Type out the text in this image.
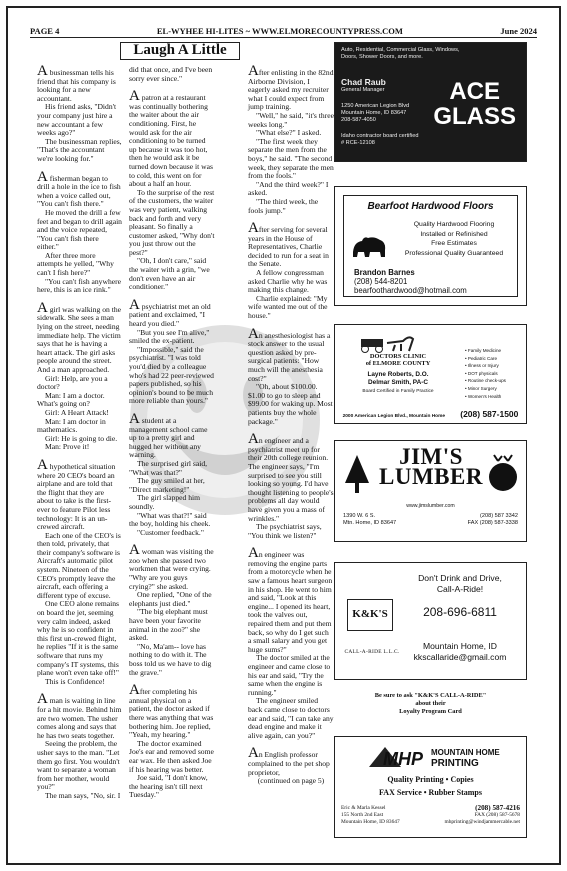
PAGE 4	EL-WYHEE HI-LITES ~ WWW.ELMORECOUNTYPRESS.COM	June 2024
Laugh A Little

A businessman tells his friend that his company is looking for a new accountant.

His friend asks, "Didn't your company just hire a new accountant a few weeks ago?"

The businessman replies, "That's the accountant we're looking for."

A fisherman began to drill a hole in the ice to fish when a voice called out, "You can't fish there."

He moved the drill a few feet and began to drill again and the voice repeated, "You can't fish there either."

After three more attempts he yelled, "Why can't I fish here?"

"You can't fish anywhere here, this is an ice rink."

A girl was walking on the sidewalk. She sees a man lying on the street, needing immediate help. The victim says that he is having a heart attack. The girl asks people around the street. And a man approached.

Girl: Help, are you a doctor?

Man: I am a doctor. What's going on?

Girl: A Heart Attack!

Man: I am doctor in mathematics.

Girl: He is going to die.

Man: Prove it!

A hypothetical situation where 20 CEO's board an airplane and are told that the flight that they are about to take is the first-ever to feature Pilot less technology: It is an un-crewed aircraft.

Each one of the CEO's is then told, privately, that their company's software is Aircraft's automatic pilot system. Nineteen of the CEO's promptly leave the aircraft, each offering a different type of excuse.

One CEO alone remains on board the jet, seeming very calm indeed, asked why he is so confident in this first un-crewed flight, he replies "If it is the same software that runs my company's IT systems, this plane won't even take off!"

This is Confidence!

A man is waiting in line for a hit movie. Behind him are two women. The usher comes along and says that he has two seats together.

Seeing the problem, the usher says to the man. "Let them go first. You wouldn't want to separate a woman from her mother, would you?"

The man says, "No, sir. I

did that once, and I've been sorry ever since."

A patron at a restaurant was continually bothering the waiter about the air conditioning. First, he would ask for the air conditioning to be turned up because it was too hot, then he would ask it be turned down because it was to cold, this went on for about a half an hour.

To the surprise of the rest of the customers, the waiter was very patient, walking back and forth and very pleasant. So finally a customer asked, "Why don't you just throw out the pest?"

"Oh, I don't care," said the waiter with a grin, "we don't even have an air conditioner."

A psychiatrist met an old patient and exclaimed, "I heard you died."

"But you see I'm alive," smiled the ex-patient.

"Impossible," said the psychiatrist. "I was told you'd died by a colleague who's had 22 peer-reviewed papers published, so his opinion's bound to be much more reliable than yours."

A student at a management school came up to a pretty girl and hugged her without any warning.

The surprised girl said, "What was that?"

The guy smiled at her, "Direct marketing!"

The girl slapped him soundly.

"What was that?!" said the boy, holding his cheek.

"Customer feedback."

A woman was visiting the zoo when she passed two workmen that were crying. "Why are you guys crying?" she asked.

One replied, "One of the elephants just died."

"The big elephant must have been your favorite animal in the zoo?" she asked.

"No, Ma'am-- love has nothing to do with it. The boss told us we have to dig the grave."

After completing his annual physical on a patient, the doctor asked if there was anything that was bothering him. Joe replied, "Yeah, my hearing."

The doctor examined Joe's ear and removed some ear wax. He then asked Joe if his hearing was better.

Joe said, "I don't know, the hearing isn't till next Tuesday."

After enlisting in the 82nd Airborne Division, I eagerly asked my recruiter what I could expect from jump training.

"Well," he said, "it's three weeks long."

"What else?" I asked.

"The first week they separate the men from the boys," he said. "The second week, they separate the men from the fools."

"And the third week?" I asked.

"The third week, the fools jump."

After serving for several years in the House of Representatives, Charlie decided to run for a seat in the Senate.

A fellow congressman asked Charlie why he was making this change.

Charlie explained: "My wife wanted me out of the house."

An anesthesiologist has a stock answer to the usual question asked by pre-surgical patients: "How much will the anesthesia cost?"

"Oh, about $100.00. $1.00 to go to sleep and $99.00 for waking up. Most patients buy the whole package."

An engineer and a psychiatrist meet up for their 20th college reunion. The engineer says, "I'm surprised to see you still looking so young. I'd have thought listening to people's problems all day would have given you a mass of wrinkles."

The psychiatrist says, "You think we listen?"

An engineer was removing the engine parts from a motorcycle when he saw a famous heart surgeon in his shop. He went to him and said, "Look at this engine... I opened its heart, took the valves out, repaired them and put them back, so why do I get such a small salary and you get huge sums?"

The doctor smiled at the engineer and came close to his ear and said, "Try the same when the engine is running."

The engineer smiled back came close to doctors ear and said, "I can take any dead engine and make it alive again, can you?"

An English professor complained to the pet shop proprietor,

(continued on page 5)

Auto, Residential, Commercial Glass, Windows, Doors, Shower Doors, and more.
Chad Raub
General Manager
1250 American Legion Blvd
Mountain Home, ID 83647
208-587-4050
Idaho contractor board certified
# RCE-12108
ACE
GLASS
Bearfoot Hardwood Floors
Quality Hardwood Flooring
Installed or Refinished
Free Estimates
Professional Quality Guaranteed
Brandon Barnes
(208) 544-8201
bearfoothardwood@hotmail.com
DOCTORS CLINIC
of ELMORE COUNTY
Layne Roberts, D.O.
Delmar Smith, PA-C
Board Certified in Family Practice
• Family Medicine
• Pediatric Care
• Illness or Injury
• DOT physicals
• Routine check-ups
• Minor Surgery
• Women's Health
2000 American Legion Blvd., Mountain Home (208) 587-1500
JIM'S
LUMBER
www.jimslumber.com
1390 W. 6 S.
Mtn. Home, ID 83647
(208) 587 3342
FAX (208) 587-3338
K&K'S
CALL-A-RIDE L.L.C.
Don't Drink and Drive,
Call-A-Ride!
208-696-6811
Mountain Home, ID
kkscallaride@gmail.com
Be sure to ask "K&K'S CALL-A-RIDE"
about their
Loyalty Program Card
MHP MOUNTAIN HOME
PRINTING
Quality Printing • Copies
FAX Service • Rubber Stamps
Eric & Marla Kessel
155 North 2nd East
Mountain Home, ID 83647
(208) 587-4216
FAX (208) 587-5678
mhprinting@windjammercable.net
